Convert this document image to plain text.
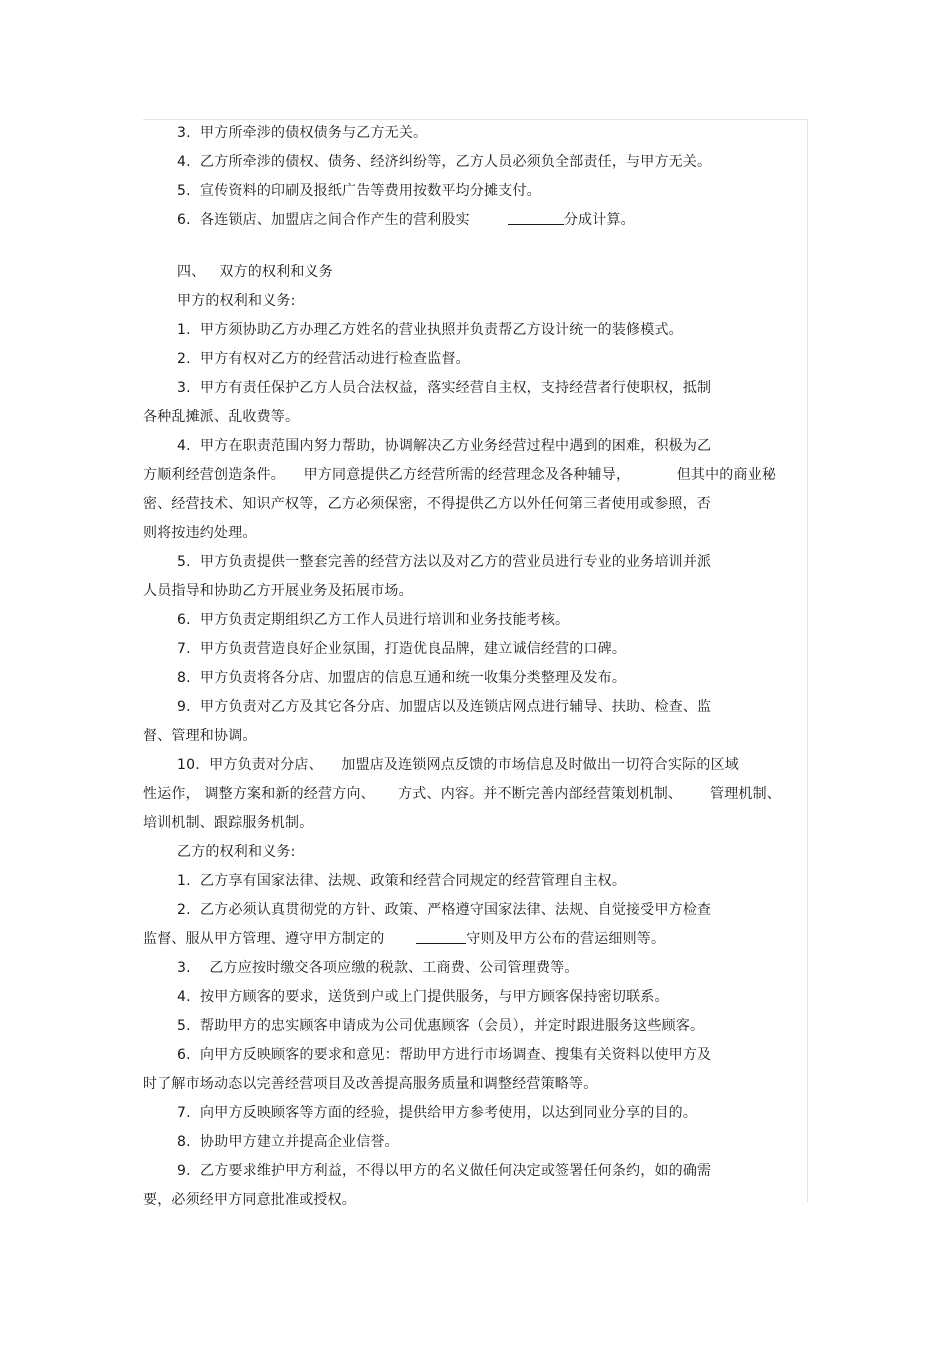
3.  甲方所牵涉的债权债务与乙方无关。
4.  乙方所牵涉的债权、债务、经济纠纷等，乙方人员必须负全部责任，与甲方无关。
5.  宣传资料的印刷及报纸广告等费用按数平均分摊支付。
6.  各连锁店、加盟店之间合作产生的营利股实	分成计算。
四、   双方的权利和义务
甲方的权利和义务:
1.  甲方须协助乙方办理乙方姓名的营业执照并负责帮乙方设计统一的装修模式。
2.  甲方有权对乙方的经营活动进行检查监督。
3.  甲方有责任保护乙方人员合法权益，落实经营自主权，支持经营者行使职权，抵制
各种乱摊派、乱收费等。
4.  甲方在职责范围内努力帮助，协调解决乙方业务经营过程中遇到的困难，积极为乙
方顺利经营创造条件。    甲方同意提供乙方经营所需的经营理念及各种辅导，          但其中的商业秘
密、经营技术、知识产权等，乙方必须保密，不得提供乙方以外任何第三者使用或参照，否
则将按违约处理。
5.  甲方负责提供一整套完善的经营方法以及对乙方的营业员进行专业的业务培训并派
人员指导和协助乙方开展业务及拓展市场。
6.  甲方负责定期组织乙方工作人员进行培训和业务技能考核。
7.  甲方负责营造良好企业氛围，打造优良品牌，建立诚信经营的口碑。
8.  甲方负责将各分店、加盟店的信息互通和统一收集分类整理及发布。
9.  甲方负责对乙方及其它各分店、加盟店以及连锁店网点进行辅导、扶助、检查、监
督、管理和协调。
10.  甲方负责对分店、    加盟店及连锁网点反馈的市场信息及时做出一切符合实际的区域
性运作， 调整方案和新的经营方向、     方式、内容。并不断完善内部经营策划机制、      管理机制、
培训机制、跟踪服务机制。
乙方的权利和义务:
1.  乙方享有国家法律、法规、政策和经营合同规定的经营管理自主权。
2.  乙方必须认真贯彻党的方针、政策、严格遵守国家法律、法规、自觉接受甲方检查
监督、服从甲方管理、遵守甲方制定的	守则及甲方公布的营运细则等。
3.    乙方应按时缴交各项应缴的税款、工商费、公司管理费等。
4.  按甲方顾客的要求，送货到户或上门提供服务，与甲方顾客保持密切联系。
5.  帮助甲方的忠实顾客申请成为公司优惠顾客（会员），并定时跟进服务这些顾客。
6.  向甲方反映顾客的要求和意见：帮助甲方进行市场调查、搜集有关资料以使甲方及
时了解市场动态以完善经营项目及改善提高服务质量和调整经营策略等。
7.  向甲方反映顾客等方面的经验，提供给甲方参考使用，以达到同业分享的目的。
8.  协助甲方建立并提高企业信誉。
9.  乙方要求维护甲方利益，不得以甲方的名义做任何决定或签署任何条约，如的确需
要，必须经甲方同意批准或授权。
